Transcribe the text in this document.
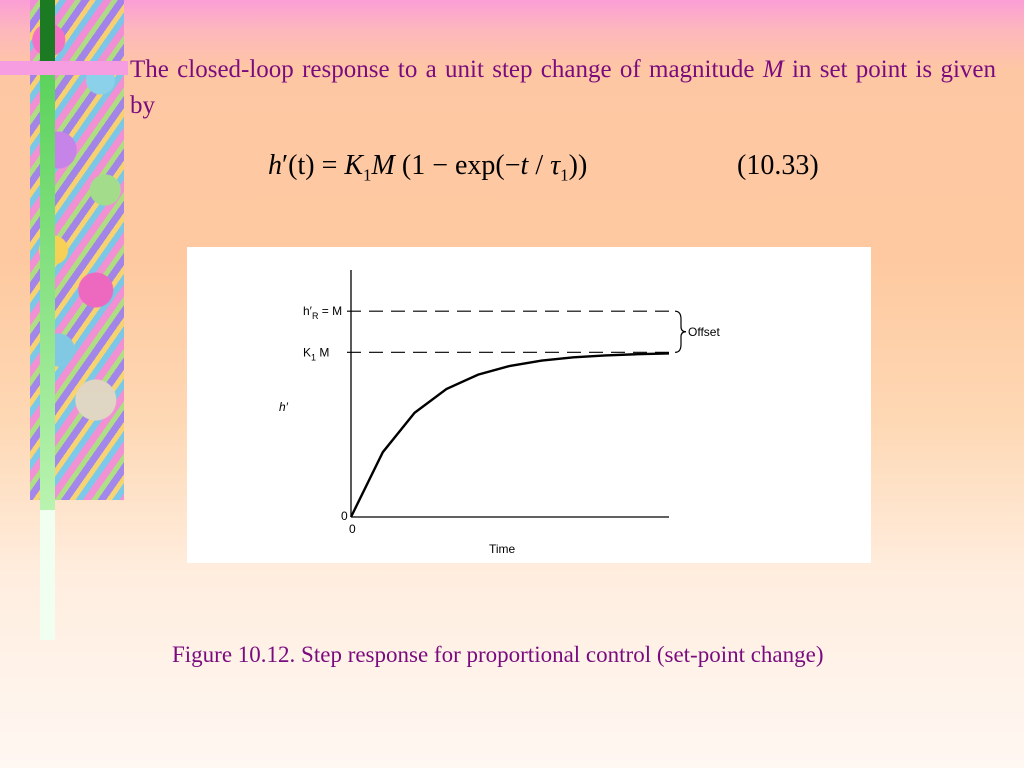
The closed-loop response to a unit step change of magnitude M in set point is given by

$h'(t) = K_1M$ $(1 - \exp(-t / \tau_1))$	(10.33)
Offset
$h'_R = M$
$K_1$ M
h′
0
0
Time

Figure 10.12. Step response for proportional control (set-point change)
